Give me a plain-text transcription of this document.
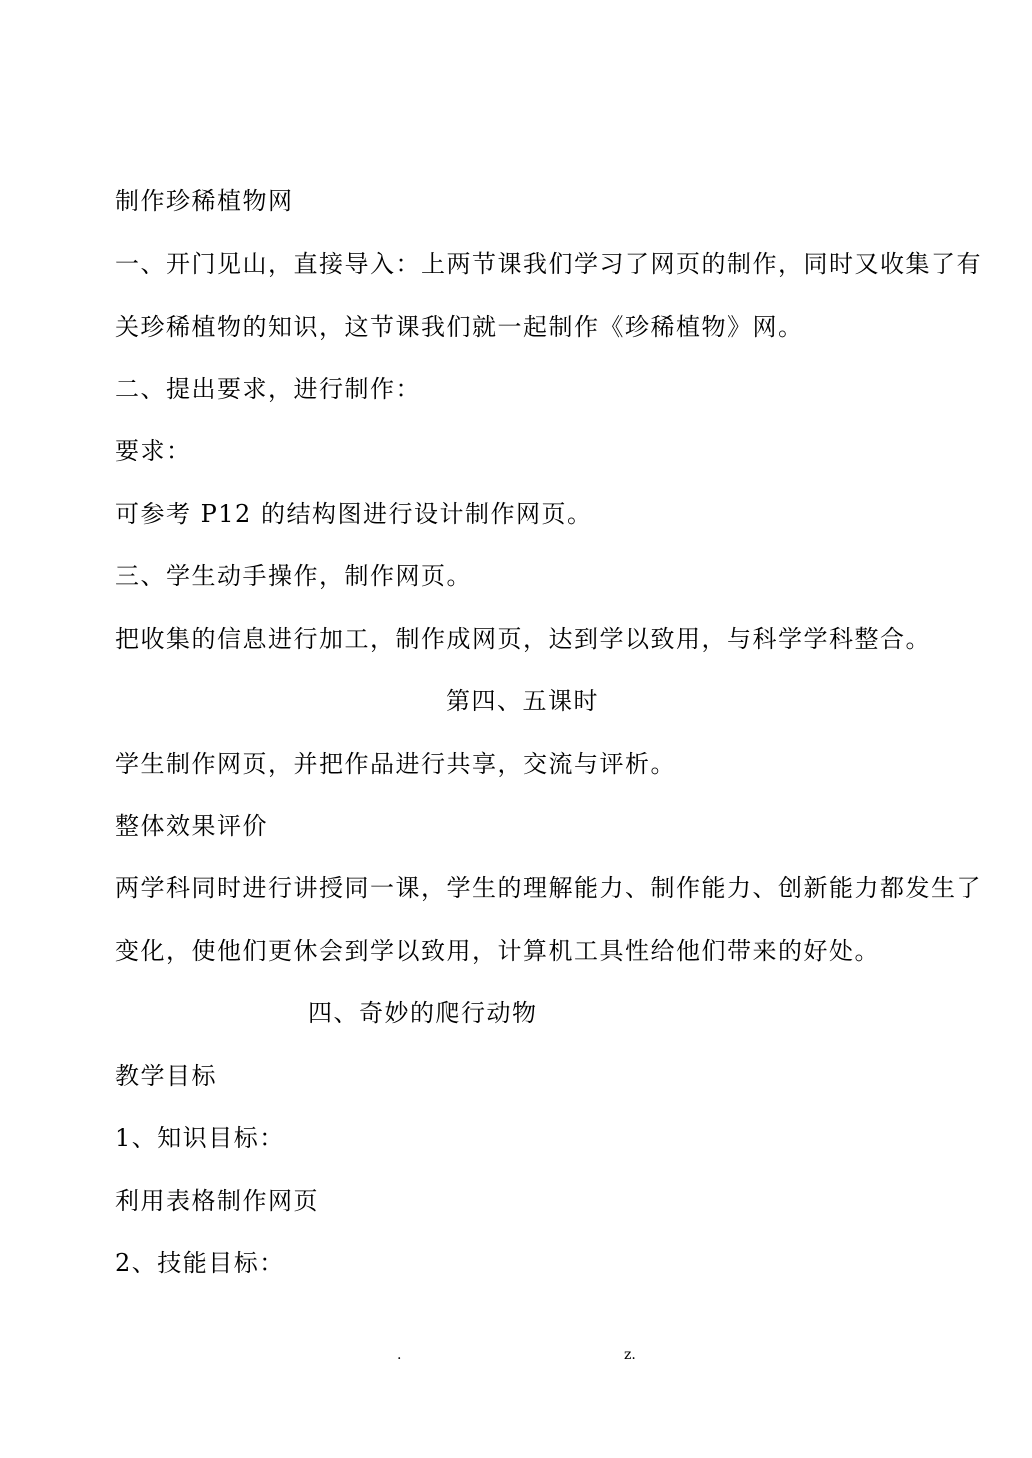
制作珍稀植物网
一、开门见山，直接导入：上两节课我们学习了网页的制作，同时又收集了有
关珍稀植物的知识，这节课我们就一起制作《珍稀植物》网。
二、提出要求，进行制作：
要求：
可参考 P12 的结构图进行设计制作网页。
三、学生动手操作，制作网页。
把收集的信息进行加工，制作成网页，达到学以致用，与科学学科整合。
第四、五课时
学生制作网页，并把作品进行共享，交流与评析。
整体效果评价
两学科同时进行讲授同一课，学生的理解能力、制作能力、创新能力都发生了
变化，使他们更休会到学以致用，计算机工具性给他们带来的好处。
四、奇妙的爬行动物
教学目标
1、知识目标：
利用表格制作网页
2、技能目标：
.	z.
